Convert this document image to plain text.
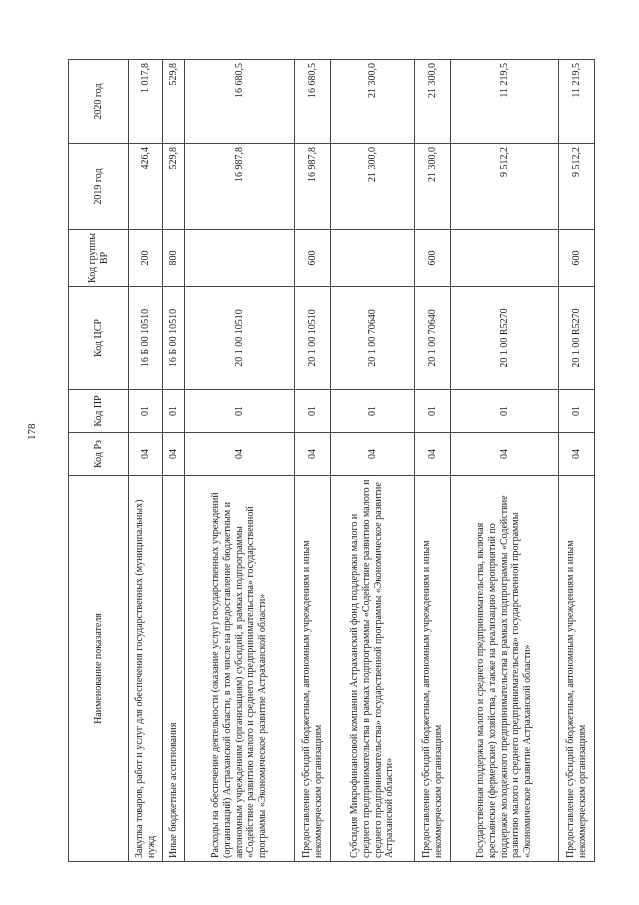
178
Наименование показателя	Код Рз	Код ПР	Код ЦСР	Код группы ВР	2019 год	2020 год
Закупка товаров, работ и услуг для обеспечения государственных (муниципальных) нужд	04	01	16 Б 00 10510	200	426,4	1 017,8
Иные бюджетные ассигнования	04	01	16 Б 00 10510	800	529,8	529,8
Расходы на обеспечение деятельности (оказание услуг) государственных учреждений (организаций) Астраханской области, в том числе на предоставление бюджетным и автономным учреждениям (организациям) субсидий, в рамках подпрограммы «Содействие развитию малого и среднего предпринимательства» государственной программы «Экономическое развитие Астраханской области»	04	01	20 1 00 10510		16 987,8	16 680,5
Предоставление субсидий бюджетным, автономным учреждениям и иным некоммерческим организациям	04	01	20 1 00 10510	600	16 987,8	16 680,5
Субсидия Микрофинансовой компании Астраханский фонд поддержки малого и среднего предпринимательства в рамках подпрограммы «Содействие развитию малого и среднего предпринимательства» государственной программы «Экономическое развитие Астраханской области»	04	01	20 1 00 70640		21 300,0	21 300,0
Предоставление субсидий бюджетным, автономным учреждениям и иным некоммерческим организациям	04	01	20 1 00 70640	600	21 300,0	21 300,0
Государственная поддержка малого и среднего предпринимательства, включая крестьянские (фермерские) хозяйства, а также на реализацию мероприятий по поддержке молодежного предпринимательства в рамках подпрограммы «Содействие развитию малого и среднего предпринимательства» государственной программы «Экономическое развитие Астраханской области»	04	01	20 1 00 R5270		9 512,2	11 219,5
Предоставление субсидий бюджетным, автономным учреждениям и иным некоммерческим организациям	04	01	20 1 00 R5270	600	9 512,2	11 219,5
